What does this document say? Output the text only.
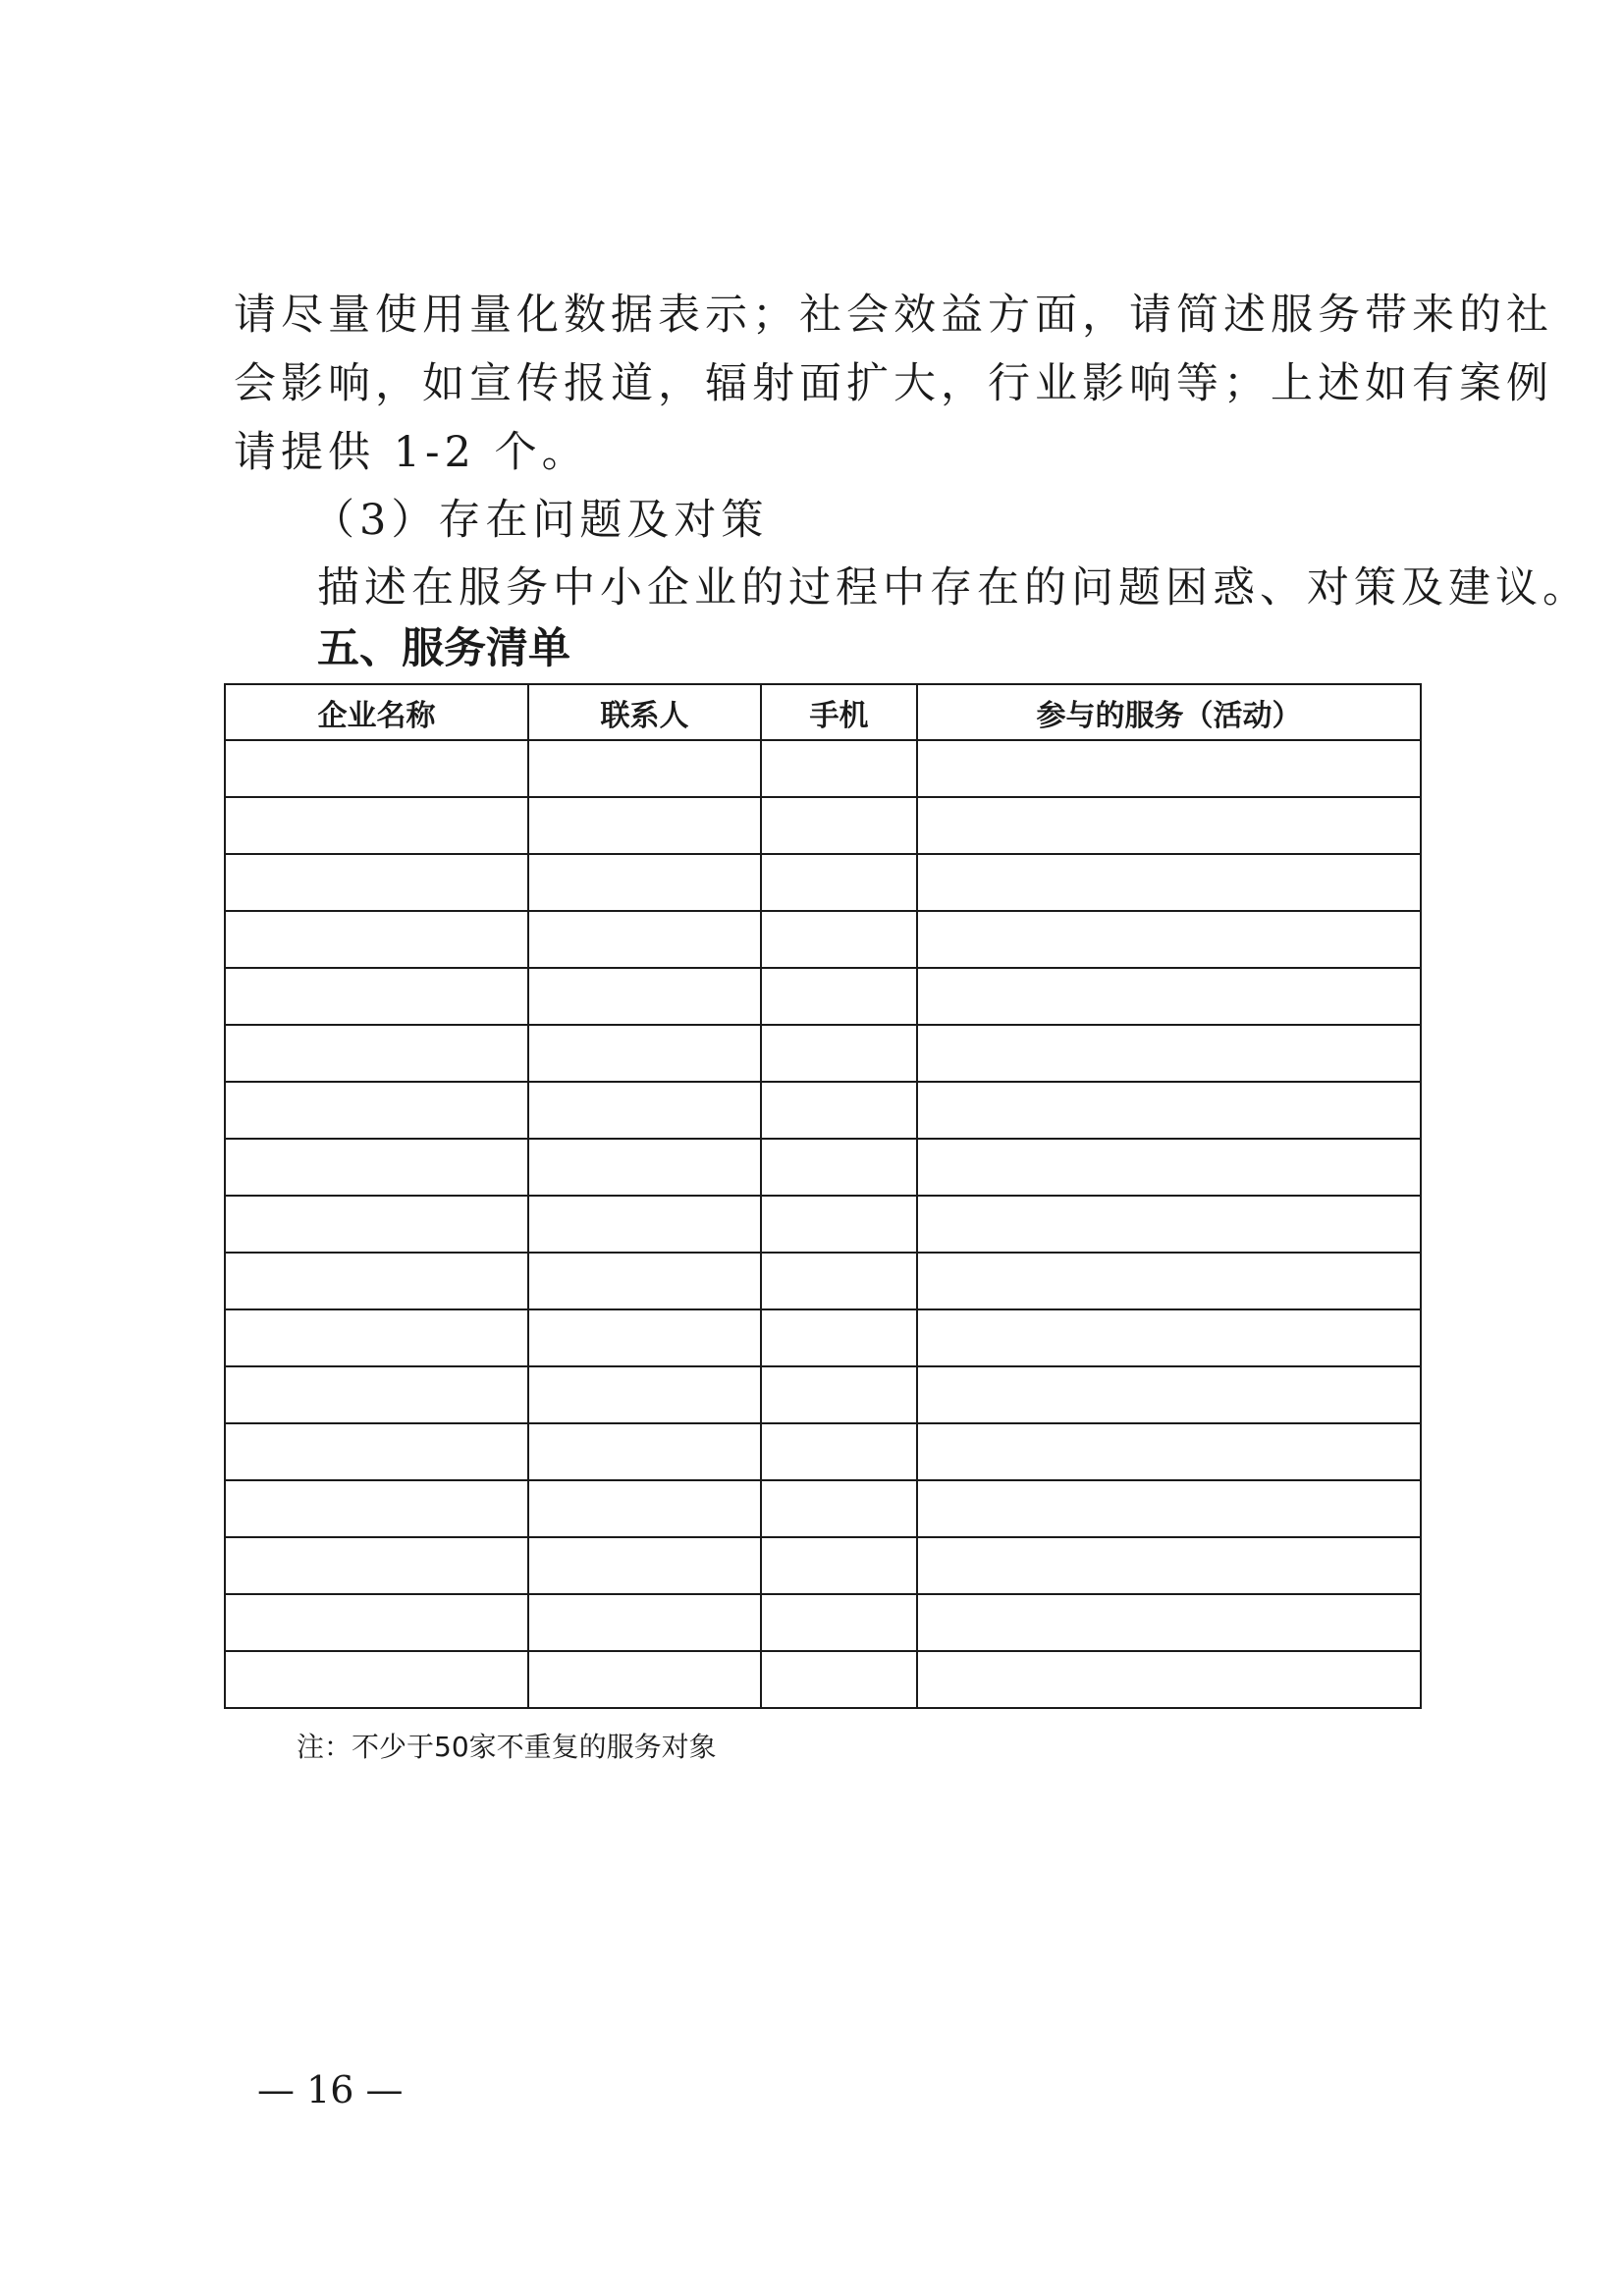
请尽量使用量化数据表示；社会效益方面，请简述服务带来的社
会影响，如宣传报道，辐射面扩大，行业影响等；上述如有案例
请提供 1-2 个。
（3）存在问题及对策
描述在服务中小企业的过程中存在的问题困惑、对策及建议。
五、服务清单
企业名称	联系人	手机	参与的服务（活动）

注：不少于50家不重复的服务对象
— 16 —
